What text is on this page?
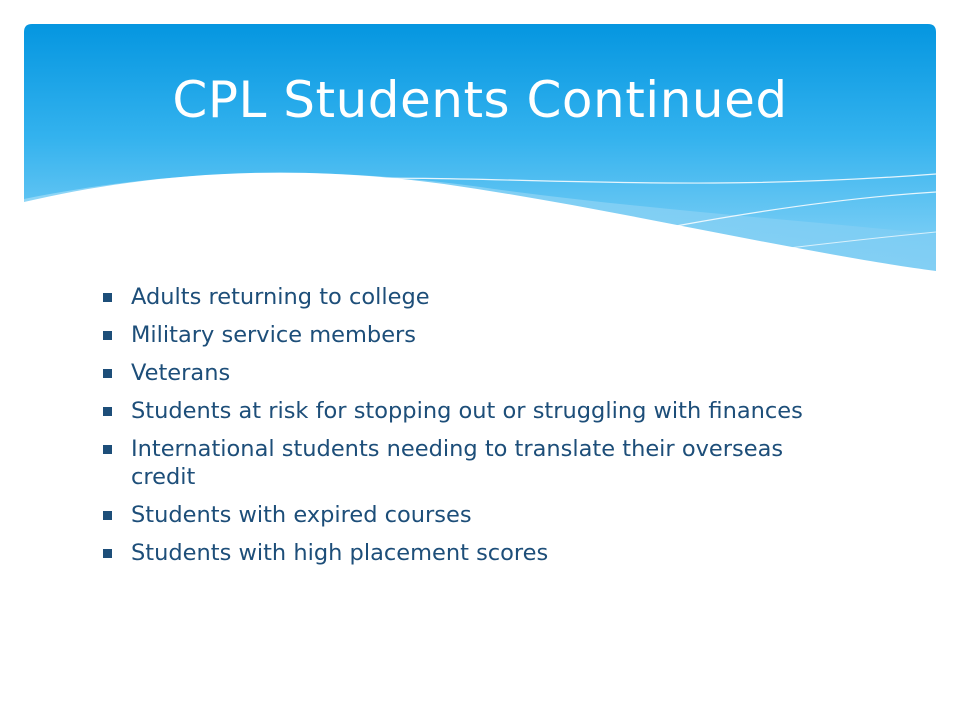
CPL Students Continued
Adults returning to college
Military service members
Veterans
Students at risk for stopping out or struggling with finances
International students needing to translate their overseas credit
Students with expired courses
Students with high placement scores
